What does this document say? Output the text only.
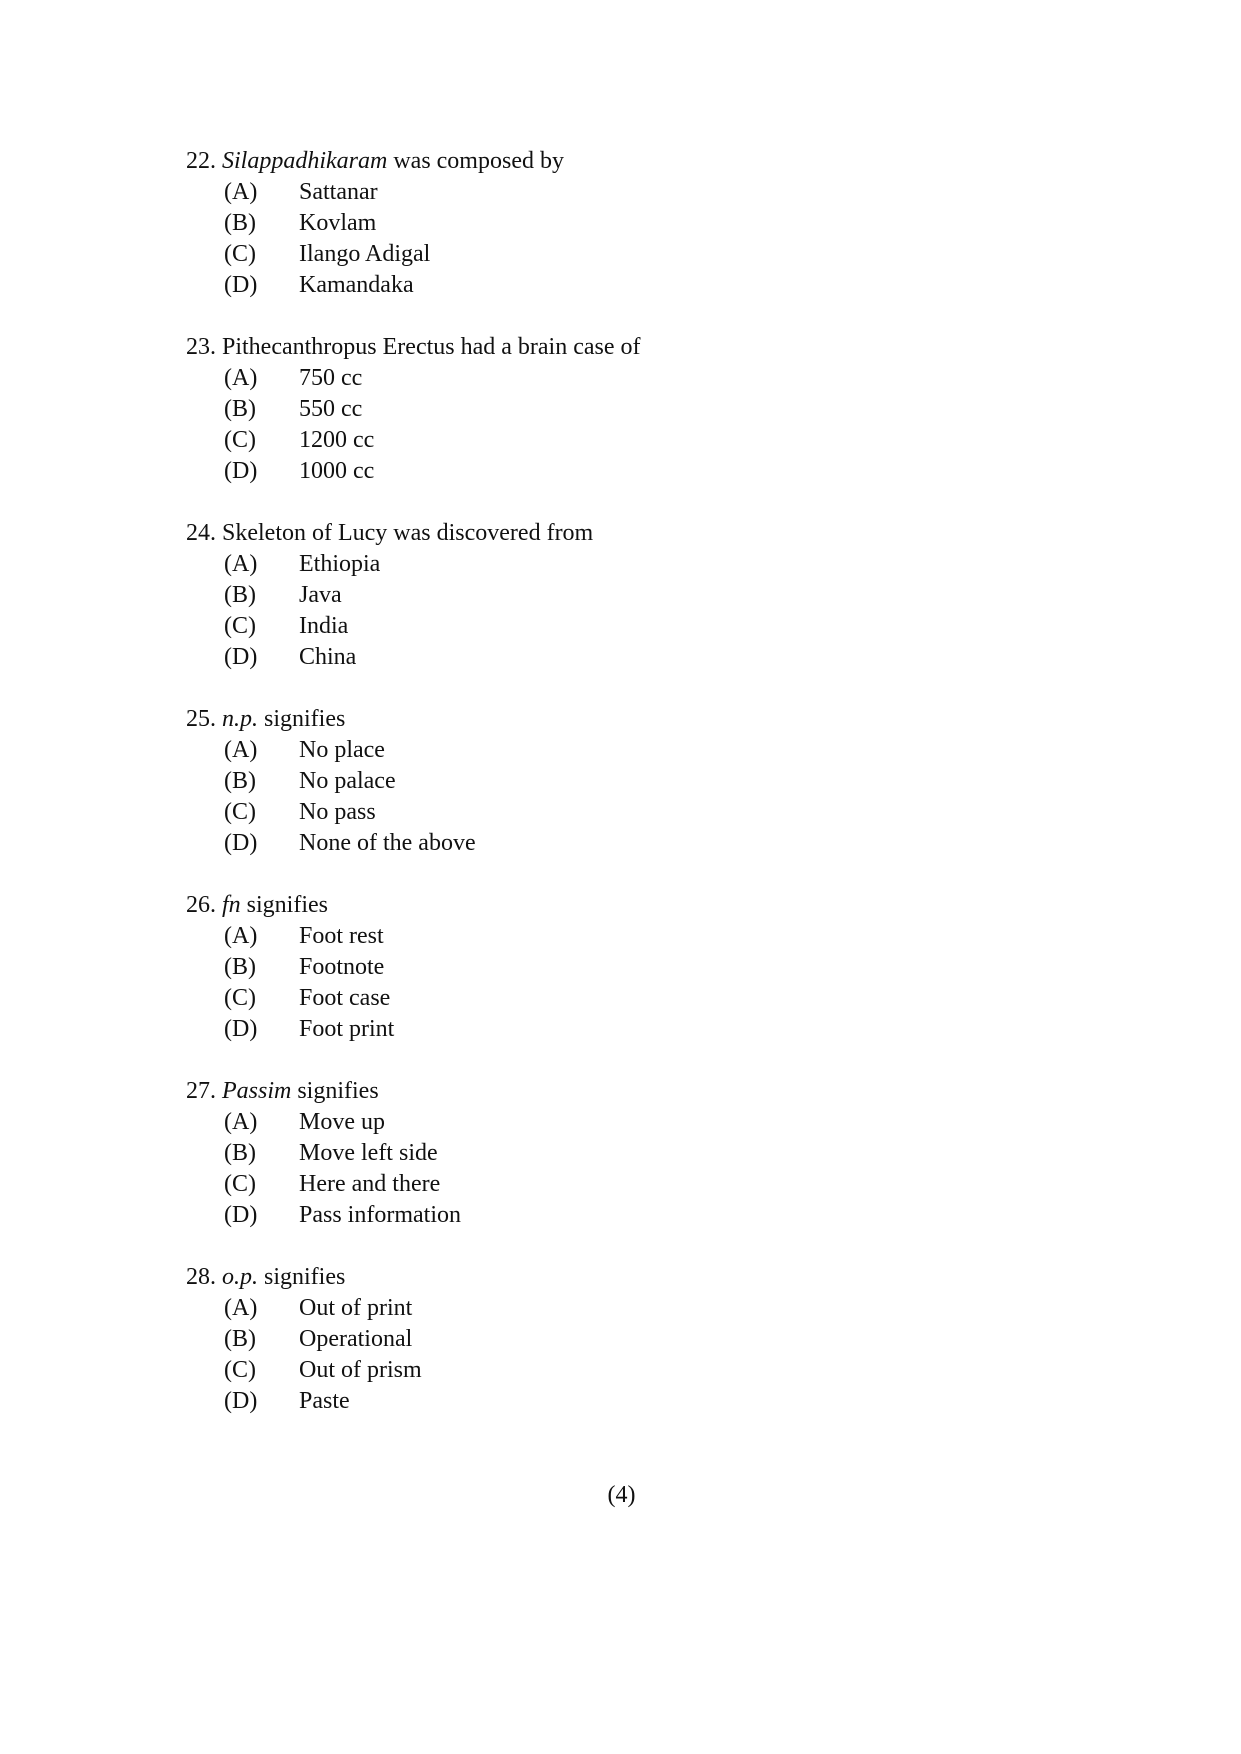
22. Silappadhikaram was composed by
(A) Sattanar
(B) Kovlam
(C) Ilango Adigal
(D) Kamandaka
23. Pithecanthropus Erectus had a brain case of
(A) 750 cc
(B) 550 cc
(C) 1200 cc
(D) 1000 cc
24. Skeleton of Lucy was discovered from
(A) Ethiopia
(B) Java
(C) India
(D) China
25. n.p. signifies
(A) No place
(B) No palace
(C) No pass
(D) None of the above
26. fn signifies
(A) Foot rest
(B) Footnote
(C) Foot case
(D) Foot print
27. Passim signifies
(A) Move up
(B) Move left side
(C) Here and there
(D) Pass information
28. o.p. signifies
(A) Out of print
(B) Operational
(C) Out of prism
(D) Paste
(4)
